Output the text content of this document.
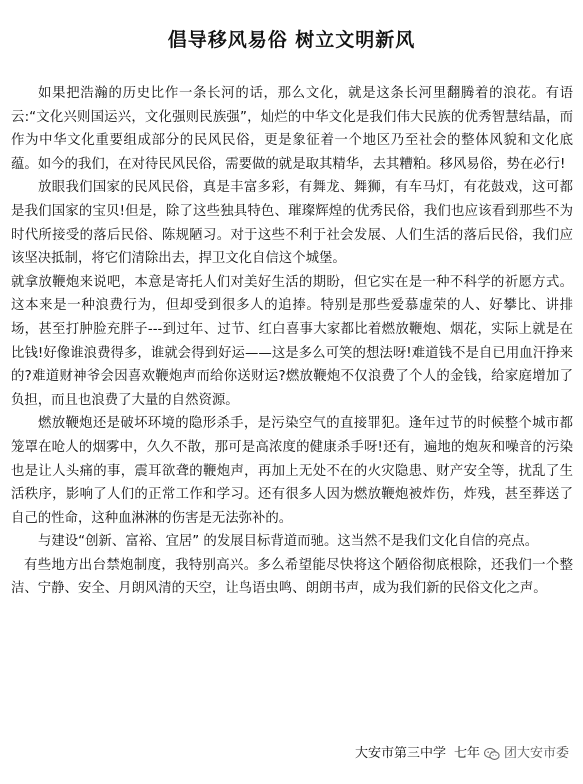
倡导移风易俗 树立文明新风

如果把浩瀚的历史比作一条长河的话，那么文化，就是这条长河里翻腾着的浪花。有语云:“文化兴则国运兴，文化强则民族强”，灿烂的中华文化是我们伟大民族的优秀智慧结晶，而作为中华文化重要组成部分的民风民俗，更是象征着一个地区乃至社会的整体风貌和文化底蕴。如今的我们，在对待民风民俗，需要做的就是取其精华，去其糟粕。移风易俗，势在必行!

放眼我们国家的民风民俗，真是丰富多彩，有舞龙、舞狮，有车马灯，有花鼓戏，这可都是我们国家的宝贝!但是，除了这些独具特色、璀璨辉煌的优秀民俗，我们也应该看到那些不为时代所接受的落后民俗、陈规陋习。对于这些不利于社会发展、人们生活的落后民俗，我们应该坚决抵制，将它们清除出去，捍卫文化自信这个城堡。

就拿放鞭炮来说吧，本意是寄托人们对美好生活的期盼，但它实在是一种不科学的祈愿方式。这本来是一种浪费行为，但却受到很多人的追捧。特别是那些爱慕虚荣的人、好攀比、讲排场，甚至打肿脸充胖子---到过年、过节、红白喜事大家都比着燃放鞭炮、烟花，实际上就是在比钱!好像谁浪费得多，谁就会得到好运——这是多么可笑的想法呀!难道钱不是自已用血汗挣来的?难道财神爷会因喜欢鞭炮声而给你送财运?燃放鞭炮不仅浪费了个人的金钱，给家庭增加了负担，而且也浪费了大量的自然资源。

燃放鞭炮还是破坏环境的隐形杀手，是污染空气的直接罪犯。逢年过节的时候整个城市都笼罩在呛人的烟雾中，久久不散，那可是高浓度的健康杀手呀!还有，遍地的炮灰和噪音的污染也是让人头痛的事，震耳欲聋的鞭炮声，再加上无处不在的火灾隐患、财产安全等，扰乱了生活秩序，影响了人们的正常工作和学习。还有很多人因为燃放鞭炮被炸伤，炸残，甚至葬送了自己的性命，这种血淋淋的伤害是无法弥补的。

与建设“创新、富裕、宜居” 的发展目标背道而驰。这当然不是我们文化自信的亮点。

有些地方出台禁炮制度，我特别高兴。多么希望能尽快将这个陋俗彻底根除，还我们一个整洁、宁静、安全、月朗风清的天空，让鸟语虫鸣、朗朗书声，成为我们新的民俗文化之声。

大安市第三中学 七年 团大安市委
